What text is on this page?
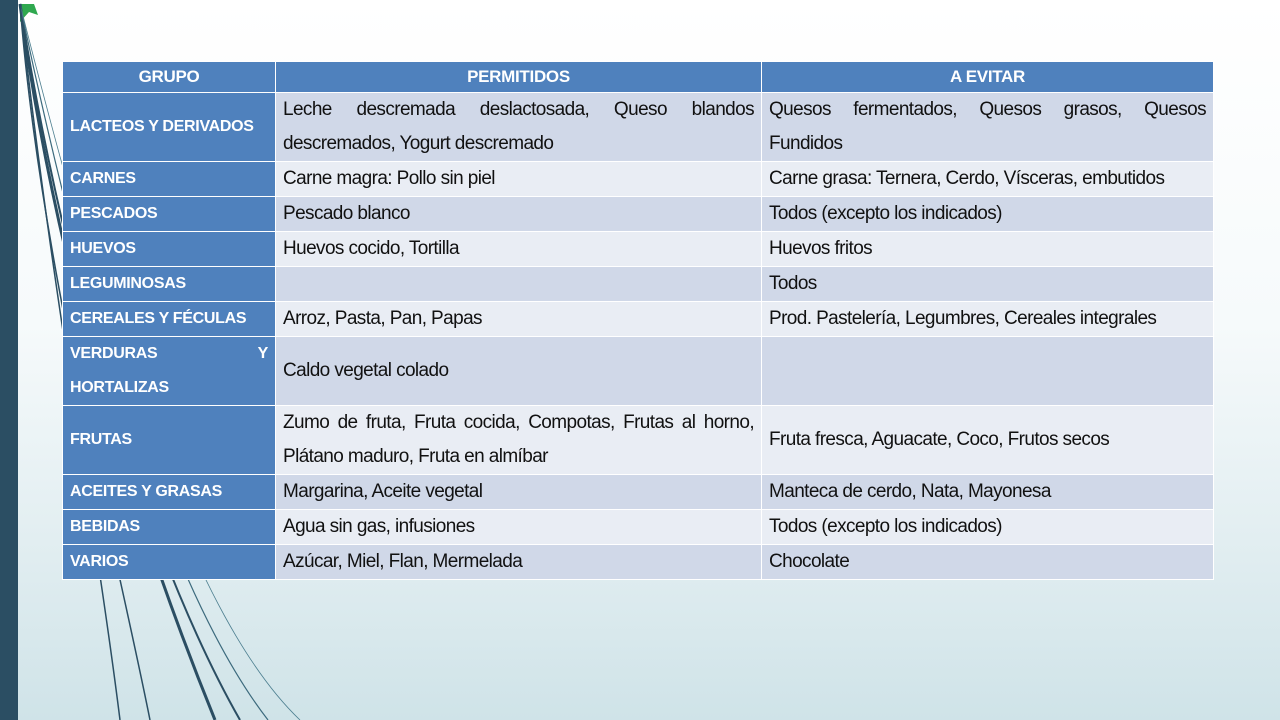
GRUPO	PERMITIDOS	A EVITAR
LACTEOS Y DERIVADOS	Leche descremada deslactosada, Queso blandos descremados, Yogurt descremado	Quesos fermentados, Quesos grasos, Quesos Fundidos
CARNES	Carne magra: Pollo sin piel	Carne grasa: Ternera, Cerdo, Vísceras, embutidos
PESCADOS	Pescado blanco	Todos (excepto los indicados)
HUEVOS	Huevos cocido, Tortilla	Huevos fritos
LEGUMINOSAS		Todos
CEREALES Y FÉCULAS	Arroz, Pasta, Pan, Papas	Prod. Pastelería, Legumbres, Cereales integrales
VERDURAS Y HORTALIZAS	Caldo vegetal colado	
FRUTAS	Zumo de fruta, Fruta cocida, Compotas, Frutas al horno, Plátano maduro, Fruta en almíbar	Fruta fresca, Aguacate, Coco, Frutos secos
ACEITES Y GRASAS	Margarina, Aceite vegetal	Manteca de cerdo, Nata, Mayonesa
BEBIDAS	Agua sin gas, infusiones	Todos (excepto los indicados)
VARIOS	Azúcar, Miel, Flan, Mermelada	Chocolate
